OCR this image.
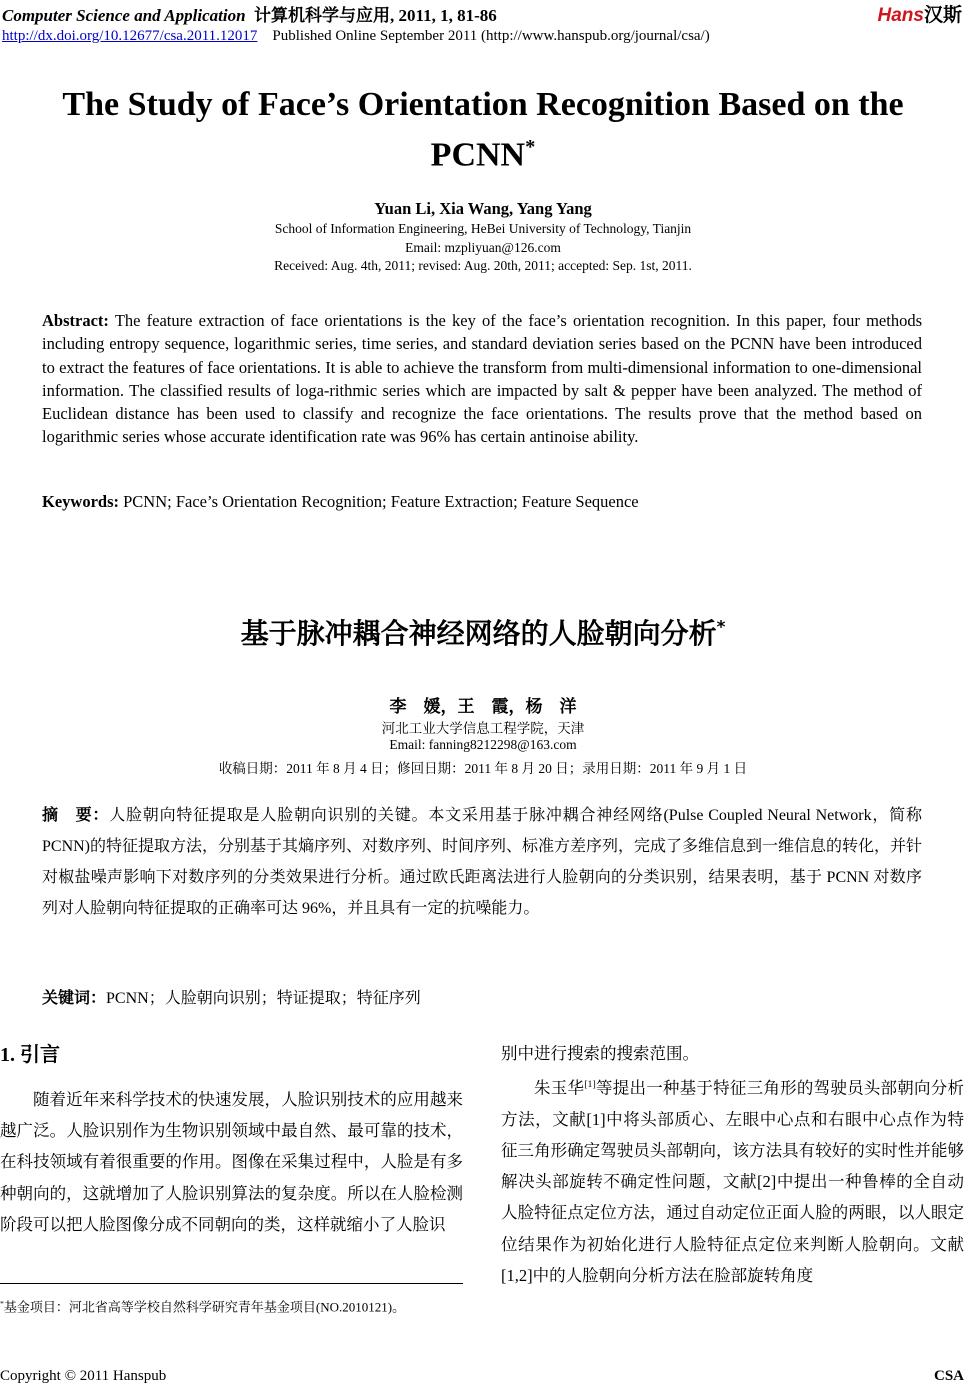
Computer Science and Application 计算机科学与应用, 2011, 1, 81-86	Hans汉斯
http://dx.doi.org/10.12677/csa.2011.12017 Published Online September 2011 (http://www.hanspub.org/journal/csa/)
The Study of Face’s Orientation Recognition Based on the PCNN*
Yuan Li, Xia Wang, Yang Yang
School of Information Engineering, HeBei University of Technology, Tianjin
Email: mzpliyuan@126.com
Received: Aug. 4th, 2011; revised: Aug. 20th, 2011; accepted: Sep. 1st, 2011.
Abstract: The feature extraction of face orientations is the key of the face’s orientation recognition. In this paper, four methods including entropy sequence, logarithmic series, time series, and standard deviation series based on the PCNN have been introduced to extract the features of face orientations. It is able to achieve the transform from multi-dimensional information to one-dimensional information. The classified results of loga-rithmic series which are impacted by salt & pepper have been analyzed. The method of Euclidean distance has been used to classify and recognize the face orientations. The results prove that the method based on logarithmic series whose accurate identification rate was 96% has certain antinoise ability.
Keywords: PCNN; Face’s Orientation Recognition; Feature Extraction; Feature Sequence
基于脉冲耦合神经网络的人脸朝向分析*
李　媛，王　霞，杨　洋
河北工业大学信息工程学院，天津
Email: fanning8212298@163.com
收稿日期：2011 年 8 月 4 日；修回日期：2011 年 8 月 20 日；录用日期：2011 年 9 月 1 日
摘　要：人脸朝向特征提取是人脸朝向识别的关键。本文采用基于脉冲耦合神经网络(Pulse Coupled Neural Network，简称 PCNN)的特征提取方法，分别基于其熵序列、对数序列、时间序列、标准方差序列，完成了多维信息到一维信息的转化，并针对椒盐噪声影响下对数序列的分类效果进行分析。通过欧氏距离法进行人脸朝向的分类识别，结果表明，基于 PCNN 对数序列对人脸朝向特征提取的正确率可达 96%，并且具有一定的抗噪能力。
关键词：PCNN；人脸朝向识别；特证提取；特征序列
1. 引言
随着近年来科学技术的快速发展，人脸识别技术的应用越来越广泛。人脸识别作为生物识别领域中最自然、最可靠的技术，在科技领域有着很重要的作用。图像在采集过程中，人脸是有多种朝向的，这就增加了人脸识别算法的复杂度。所以在人脸检测阶段可以把人脸图像分成不同朝向的类，这样就缩小了人脸识
别中进行搜索的搜索范围。
朱玉华[1]等提出一种基于特征三角形的驾驶员头部朝向分析方法，文献[1]中将头部质心、左眼中心点和右眼中心点作为特征三角形确定驾驶员头部朝向，该方法具有较好的实时性并能够解决头部旋转不确定性问题，文献[2]中提出一种鲁棒的全自动人脸特征点定位方法，通过自动定位正面人脸的两眼，以人眼定位结果作为初始化进行人脸特征点定位来判断人脸朝向。文献[1,2]中的人脸朝向分析方法在脸部旋转角度
*基金项目：河北省高等学校自然科学研究青年基金项目(NO.2010121)。
Copyright © 2011 Hanspub	CSA
